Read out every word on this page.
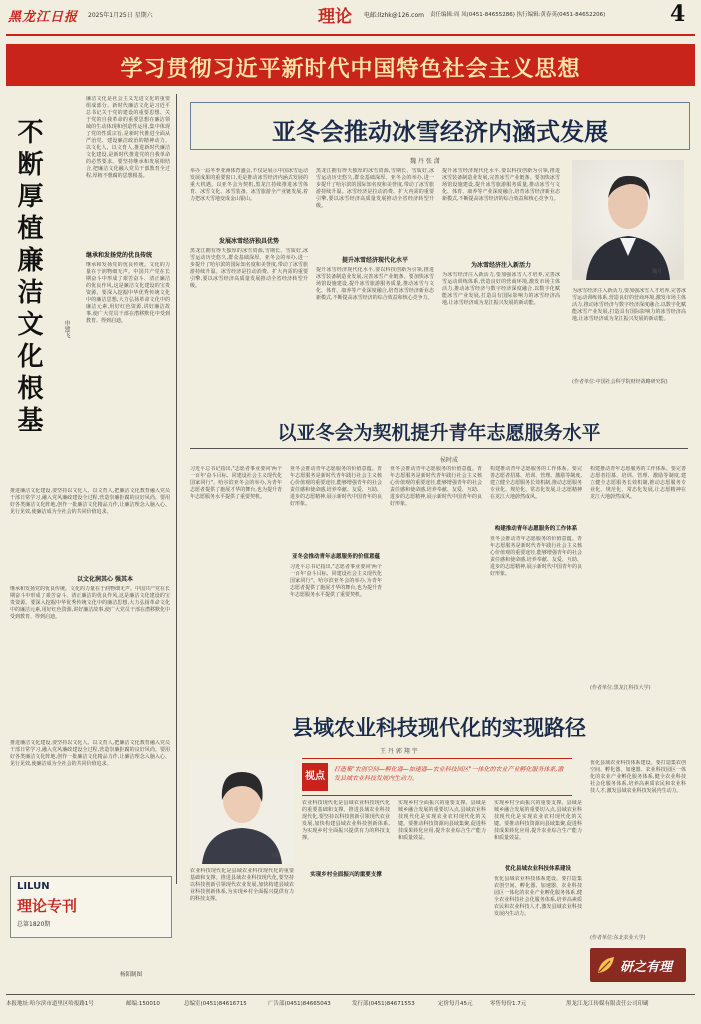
黑龙江日报 2025年1月25日 星期六	理论 电邮:llzhk@126.com 责任编辑:周 凤(0451-84655286) 执行编辑:黄春英(0451-84652206)	4
学习贯彻习近平新时代中国特色社会主义思想
不断厚植廉洁文化根基	申建飞
廉洁文化是社会主义先进文化的重要组成部分。新时代廉洁文化是习近平总书记关于党的建设的重要思想、关于党的自我革命的重要思想在廉洁领域的生动体现和创造性运用,集中体现了党的性质宗旨,是新时代推进全面从严治党、建设廉洁政治的精神动力。以文化人、以文育人,推进新时代廉洁文化建设,是新时代推进党的自我革命的必然要求。要坚持继承和发展相结合,把廉洁文化融入党员干部教育全过程,厚植不想腐的思想根基。
继承和发扬党的优良传统
继承和发扬党的优良传统。文化的力量在于润物细无声。中国共产党在长期奋斗中形成了艰苦奋斗、清正廉洁的优良作风,这是廉洁文化建设的宝贵资源。要深入挖掘中华优秀传统文化中的廉洁思想,大力弘扬革命文化中的廉洁元素,用好红色资源,讲好廉洁故事,使广大党员干部在潜移默化中受到教育、得到启迪。
推进廉洁文化建设,要坚持以文化人、以文育人,把廉洁文化教育融入党员干部日常学习,融入党风廉政建设全过程,营造崇廉拒腐的良好风尚。要用好各类廉洁文化阵地,创作一批廉洁文化精品力作,让廉洁理念入脑入心、见行见效,使廉洁成为全社会的共同价值追求。
以文化润其心 强其本
继承和发扬党的优良传统。文化的力量在于润物细无声。中国共产党在长期奋斗中形成了艰苦奋斗、清正廉洁的优良作风,这是廉洁文化建设的宝贵资源。要深入挖掘中华优秀传统文化中的廉洁思想,大力弘扬革命文化中的廉洁元素,用好红色资源,讲好廉洁故事,使广大党员干部在潜移默化中受到教育、得到启迪。
推进廉洁文化建设,要坚持以文化人、以文育人,把廉洁文化教育融入党员干部日常学习,融入党风廉政建设全过程,营造崇廉拒腐的良好风尚。要用好各类廉洁文化阵地,创作一批廉洁文化精品力作,让廉洁理念入脑入心、见行见效,使廉洁成为全社会的共同价值追求。
亚冬会推动冰雪经济内涵式发展
魏 丹 张 潇
举办一届冬季亚洲体育盛会,不仅是展示中国冰雪运动发展成果的重要窗口,更是推动冰雪经济内涵式发展的重大机遇。以亚冬会为契机,黑龙江持续推进冰雪体育、冰雪文化、冰雪装备、冰雪旅游全产业链发展,着力把冰天雪地变成金山银山。
发展冰雪经济独具优势
黑龙江拥有得天独厚的冰雪资源,雪期长、雪质好,冰雪运动历史悠久,群众基础深厚。亚冬会的举办,进一步提升了哈尔滨的国际知名度和美誉度,带动了冰雪旅游持续升温。冰雪经济是拉动消费、扩大内需的重要引擎,要以冰雪经济高质量发展推动全省经济转型升级。
黑龙江拥有得天独厚的冰雪资源,雪期长、雪质好,冰雪运动历史悠久,群众基础深厚。亚冬会的举办,进一步提升了哈尔滨的国际知名度和美誉度,带动了冰雪旅游持续升温。冰雪经济是拉动消费、扩大内需的重要引擎,要以冰雪经济高质量发展推动全省经济转型升级。
提升冰雪经济现代化水平
提升冰雪经济现代化水平,要以科技创新为引领,推进冰雪装备制造业发展,完善冰雪产业链条。要加快冰雪场馆设施建设,提升冰雪旅游服务质量,推动冰雪与文化、体育、康养等产业深度融合,培育冰雪经济新业态新模式,不断提高冰雪经济的综合效益和核心竞争力。
提升冰雪经济现代化水平,要以科技创新为引领,推进冰雪装备制造业发展,完善冰雪产业链条。要加快冰雪场馆设施建设,提升冰雪旅游服务质量,推动冰雪与文化、体育、康养等产业深度融合,培育冰雪经济新业态新模式,不断提高冰雪经济的综合效益和核心竞争力。
为冰雪经济注入新活力
为冰雪经济注入新活力,要加强冰雪人才培养,完善冰雪运动训练体系,营造良好的营商环境,激发市场主体活力,推动冰雪经济与数字经济深度融合,以数字化赋能冰雪产业发展,打造具有国际影响力的冰雪经济高地,让冰雪经济成为龙江振兴发展的新动能。
魏丹
为冰雪经济注入新活力,要加强冰雪人才培养,完善冰雪运动训练体系,营造良好的营商环境,激发市场主体活力,推动冰雪经济与数字经济深度融合,以数字化赋能冰雪产业发展,打造具有国际影响力的冰雪经济高地,让冰雪经济成为龙江振兴发展的新动能。
(作者单位:中国社会科学院财经战略研究院)
以亚冬会为契机提升青年志愿服务水平
侯时成
习近平总书记指出,"志愿者事业要同'两个一百年'奋斗目标、同建设社会主义现代化国家同行"。哈尔滨亚冬会的举办,为青年志愿者提供了施展才华的舞台,也为提升青年志愿服务水平提供了重要契机。
亚冬会推动青年志愿服务的价值意蕴。青年志愿服务是新时代青年践行社会主义核心价值观的重要途径,能够增强青年的社会责任感和使命感,培养奉献、友爱、互助、进步的志愿精神,展示新时代中国青年的良好形象。
亚冬会推动青年志愿服务的价值意蕴
习近平总书记指出,"志愿者事业要同'两个一百年'奋斗目标、同建设社会主义现代化国家同行"。哈尔滨亚冬会的举办,为青年志愿者提供了施展才华的舞台,也为提升青年志愿服务水平提供了重要契机。
亚冬会推动青年志愿服务的价值意蕴。青年志愿服务是新时代青年践行社会主义核心价值观的重要途径,能够增强青年的社会责任感和使命感,培养奉献、友爱、互助、进步的志愿精神,展示新时代中国青年的良好形象。
构建推动青年志愿服务的工作体系。要完善志愿者招募、培训、管理、激励等制度,建立健全志愿服务长效机制,推动志愿服务专业化、规范化、常态化发展,让志愿精神在龙江大地蔚然成风。
构建推动青年志愿服务的工作体系
亚冬会推动青年志愿服务的价值意蕴。青年志愿服务是新时代青年践行社会主义核心价值观的重要途径,能够增强青年的社会责任感和使命感,培养奉献、友爱、互助、进步的志愿精神,展示新时代中国青年的良好形象。
构建推动青年志愿服务的工作体系。要完善志愿者招募、培训、管理、激励等制度,建立健全志愿服务长效机制,推动志愿服务专业化、规范化、常态化发展,让志愿精神在龙江大地蔚然成风。
(作者单位:黑龙江科技大学)
县域农业科技现代化的实现路径
王 丹 郭 翔 宇
视点
打造集"农创空间—孵化器—加速器—农业科技园区"一体化的农业产业孵化服务体系,激发县域农业科技发展内生动力。
王丹
农业科技现代化是县域农业科技现代化的重要基础和支撑。推进县域农业科技现代化,要坚持以科技创新引领现代农业发展,加快构建县域农业科技创新体系,为实现乡村全面振兴提供有力的科技支撑。
农业科技现代化是县域农业科技现代化的重要基础和支撑。推进县域农业科技现代化,要坚持以科技创新引领现代农业发展,加快构建县域农业科技创新体系,为实现乡村全面振兴提供有力的科技支撑。
实现乡村全面振兴的重要支撑
实现乡村全面振兴的重要支撑。县域是城乡融合发展的重要切入点,县域农业科技现代化是实现农业农村现代化的关键。要推动科技资源向县域集聚,促进科技成果转化应用,提升农业综合生产能力和质量效益。
实现乡村全面振兴的重要支撑。县域是城乡融合发展的重要切入点,县域农业科技现代化是实现农业农村现代化的关键。要推动科技资源向县域集聚,促进科技成果转化应用,提升农业综合生产能力和质量效益。
优化县域农业科技体系建设
优化县域农业科技体系建设。要打造集农创空间、孵化器、加速器、农业科技园区一体化的农业产业孵化服务体系,健全农业科技社会化服务体系,培养高素质农民和农业科技人才,激发县域农业科技发展内生动力。
优化县域农业科技体系建设。要打造集农创空间、孵化器、加速器、农业科技园区一体化的农业产业孵化服务体系,健全农业科技社会化服务体系,培养高素质农民和农业科技人才,激发县域农业科技发展内生动力。
(作者单位:东北农业大学)
研之有理
LILUN
理论专刊
总第1820期
杨阳制图
本报地址:哈尔滨市道里区哈报路1号	邮编:150010	总编室(0451)84616715	广告部(0451)84665043	发行部(0451)84671553	定价每月45元	零售每份1.7元	黑龙江龙江传媒有限责任公司印刷
